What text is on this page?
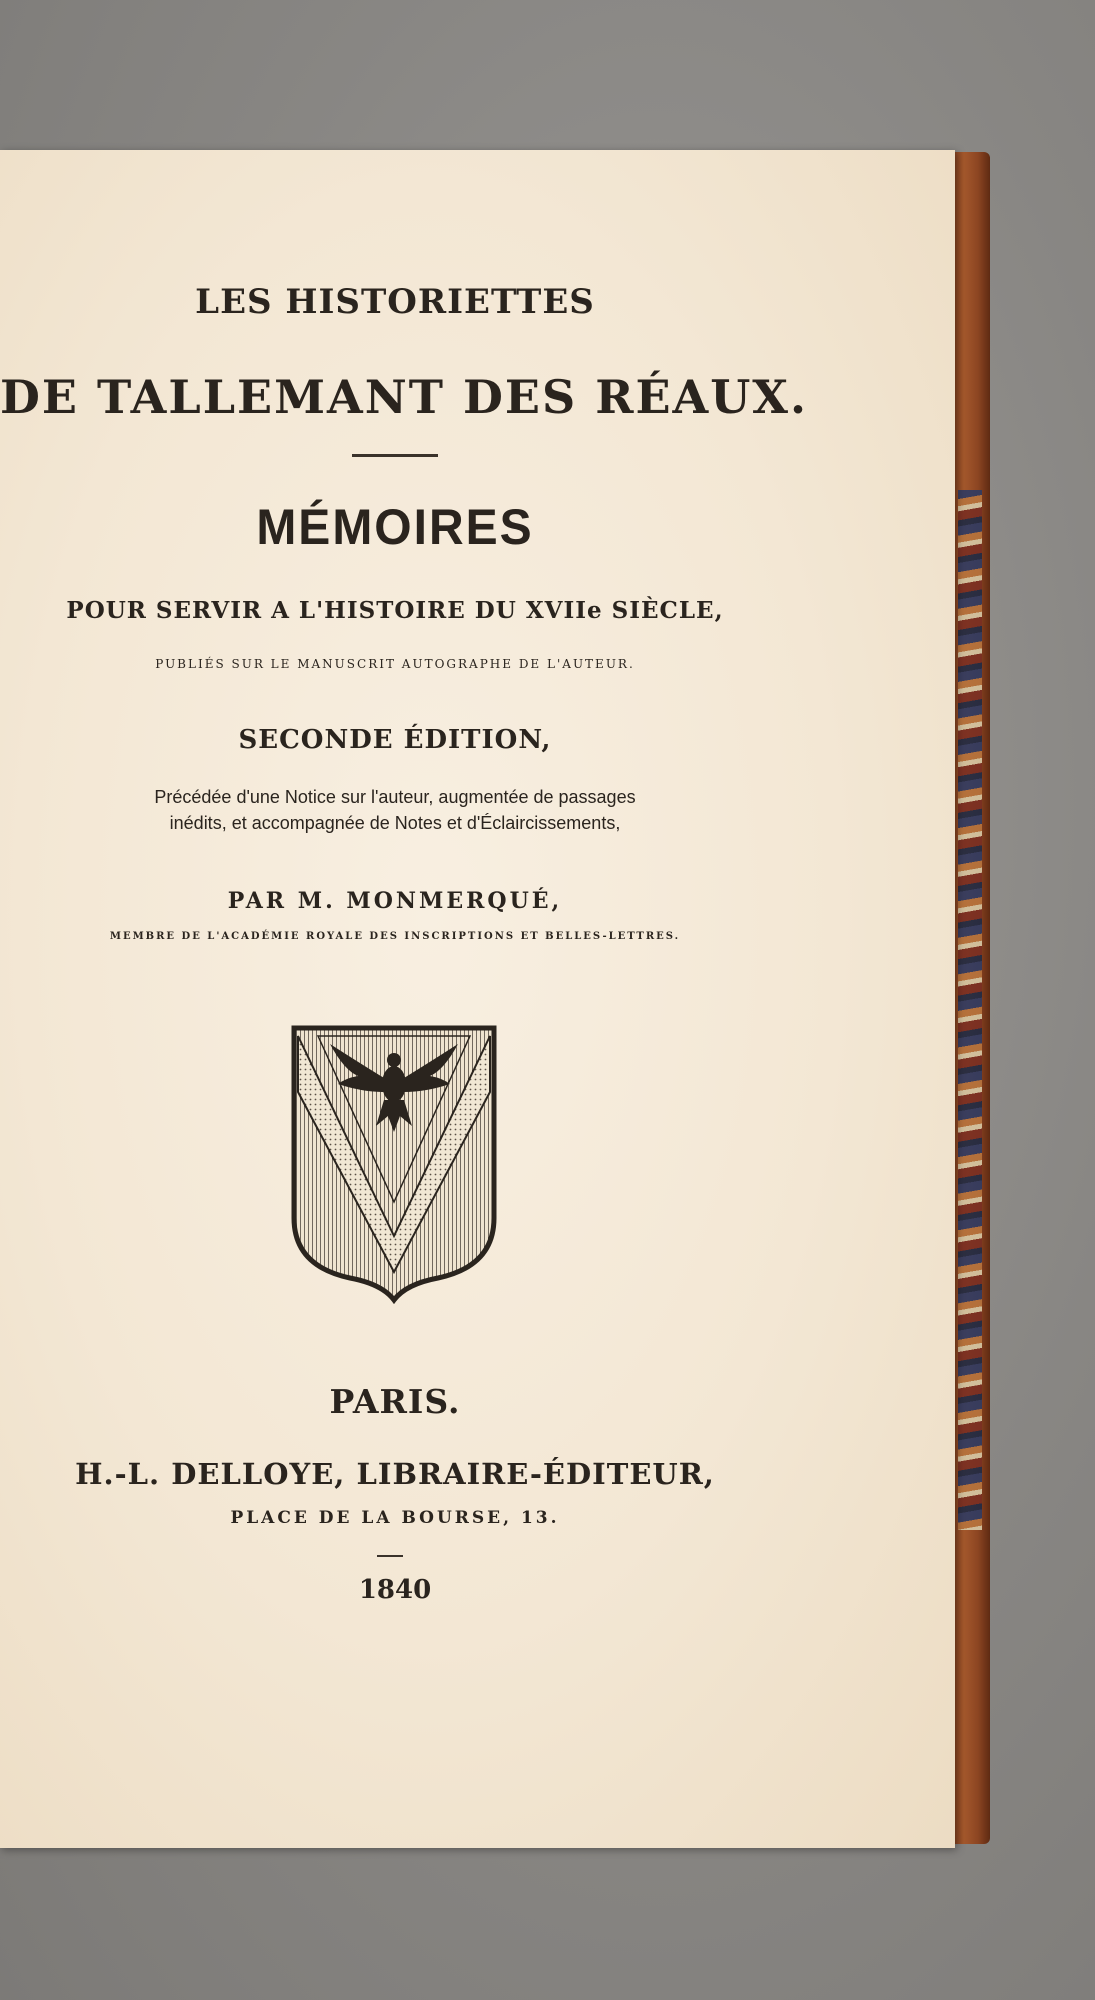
LES HISTORIETTES
DE TALLEMANT DES RÉAUX.
MÉMOIRES
POUR SERVIR A L'HISTOIRE DU XVIIe SIÈCLE,
PUBLIÉS SUR LE MANUSCRIT AUTOGRAPHE DE L'AUTEUR.
SECONDE ÉDITION,
Précédée d'une Notice sur l'auteur, augmentée de passages
inédits, et accompagnée de Notes et d'Éclaircissements,
PAR M. MONMERQUÉ,
MEMBRE DE L'ACADÉMIE ROYALE DES INSCRIPTIONS ET BELLES-LETTRES.
PARIS.
H.-L. DELLOYE, LIBRAIRE-ÉDITEUR,
PLACE DE LA BOURSE, 13.
1840
